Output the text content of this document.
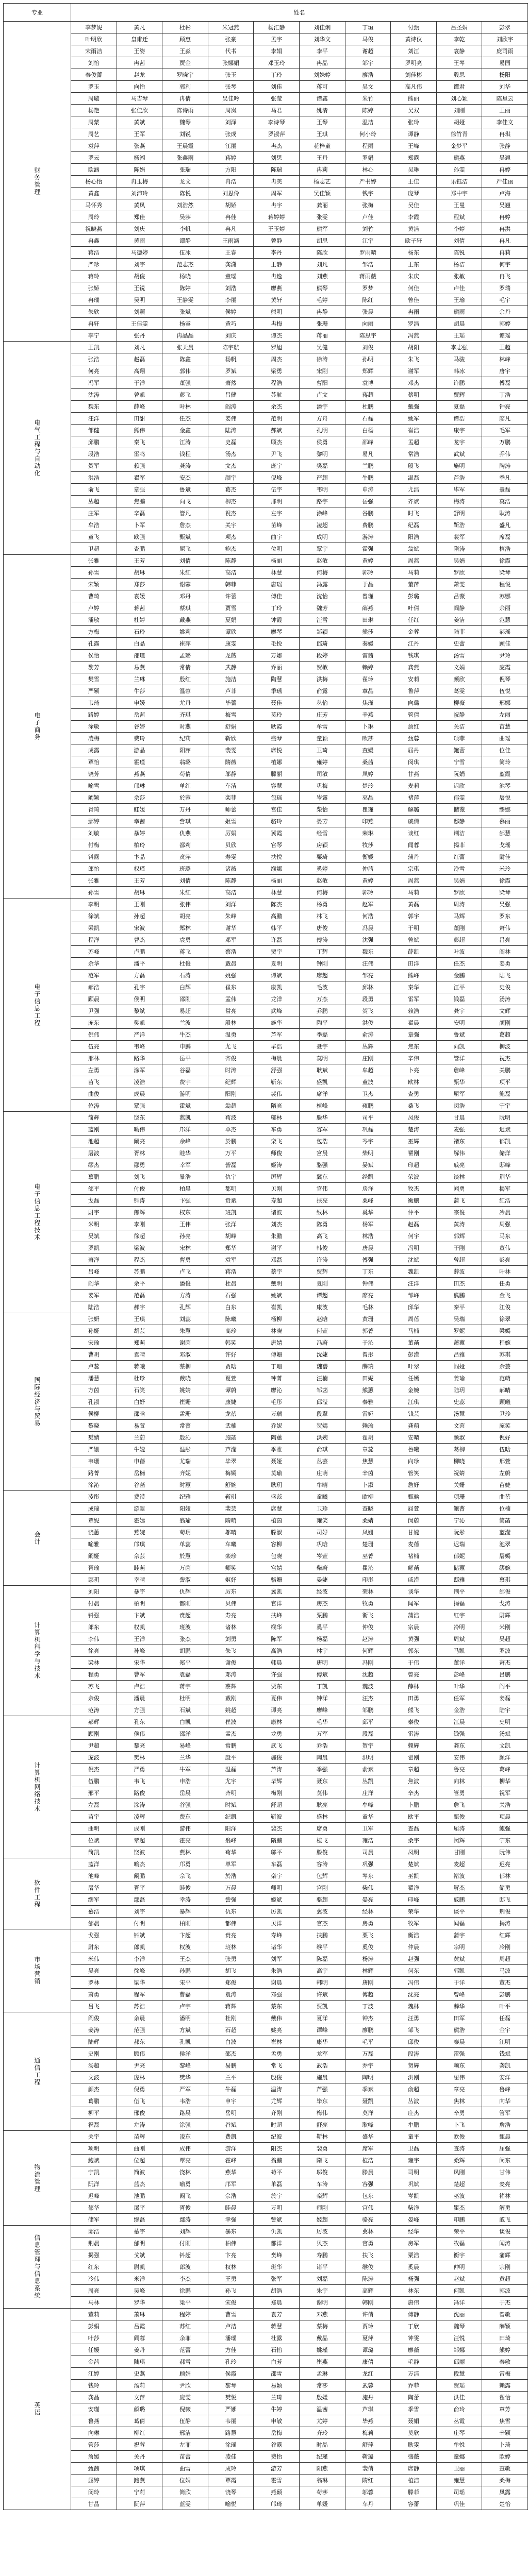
专业	姓名									
财务管理	李梦妮	黄凡	杜彬	朱冠燕	杨汇静	刘佳俐	丁垣	付甄	吕圣娟	彭翠
	叶明欣	皇甫迁	顾惠	张豪	孟宇	刘华文	马俊	黄诗仪	李乾	刘欣宇
	宋雨洁	王姿	王淼	代书	李娟	李平	谢超	刘江	袁静	庞司雨
	刘怡	冉茜	贾金	张娜娟	邓玉玲	冉晶	邹宇	罗明亮	王岑	易园
	秦俊蕾	赵龙	罗晓宇	张玉	丁玲	刘姝婷	廖浩	刘佳彬	殷思	杨阳
	罗玉	向怡	郭利	张琴	刘佳	蒋可	吴文	高凡伟	谭君	刘华
	周璇	马吉琴	冉倩	吴佳吟	张莹	谭鑫	朱竹	熊丽	刘心颖	陈星云
	杨艳	张佳欣	陈诗雨	周岚	马君	姚清	陈婷	吴双	刘刚	王丽
	周蒙	黄斌	魏琴	刘泽	李诗琴	王琴	温洁	张玲	胡娅	李佳文
	周艺	王军	刘锐	张成	罗淑萍	王琪	何小玲	谭静	徐竹青	冉琪
	袁萍	张燕	王晨霞	江丽	冉杰	花梓童	程丽	王峰	金梦平	张静
	罗云	杨湘	张鑫雨	蒋婷	刘思	王丹	罗娟	郑露	熊燕	吴翘
	欧涵	陈娟	张瑞	方阳	陈瑞	冉莉	林心	吴琳	孙雯	冉婷
	杨心怡	冉玉梅	龙文	冉浩	冉美	杨志艺	严书婷	王佳	乐钰洁	严佳丽
	黄鑫	刘沛玲	陈悦	刘思伶	周军	吴佳颖	钱宇	庞琴	郑中宇	卢海
	马怀秀	黄凤	刘浩然	胡娇	冉宇	龚丽	张梅	吴佳	王曼	吴翘
	周玲	郑佳	吴莎	冉佳	蒋婷婷	张雯	卢佳	李霞	程斌	冉婷
	祝晓燕	刘庆	李帆	冉凡	王玉婷	熊军	刘竹	黄洁	李婷	冉洪
	冉鑫	黄雨	谭静	王雨涵	曾静	胡思	江宇	欧子轩	刘倩	冉凡
	蒋浩	马德婷	伍冰	王睿	李丹	陈欣	罗雨晴	杨东	陈锐	冉莉
	严珍	刘宇	范志杰	龚潇	王静	刘凡	邹浩	王东	杨洁	何宇
	蒋玲	胡俊	杨晓	童瑶	冉逸	刘燕	蒋雨薇	朱庆	张敏	冉飞
	张娇	王锐	陈婷	刘浩	廖燕	熊琴	罗梦	何佳	卢佳	罗瑞
	冉瑞	吴明	王静雯	李丽	黄轩	毛婷	陈红	曾佳	王瑜	毛宇
	朱欣	刘颖	张斌	侯婷	熊明	冉静	张晨	冉雨	熊雨	余丹
	冉轩	王佳雯	杨睿	黄巧	冉梅	张珊	向丽	罗浩	胡晨	郭婷
	李宁	张丹	冉晶晶	刘庆	谭杰	蒋丽	陈思宇	冯燕	王瑶	谭瑶
电气工程与自动化	王凯	刘凡	张天晨	陈宇航	罗旭	吴健	刘俊	胡阳	李志强	王超
	张浩	赵磊	陈鑫	杨帆	周杰	徐涛	孙明	朱飞	马骏	林峰
	何亮	高翔	郭伟	罗斌	梁勇	宋刚	郑辉	谢军	韩冰	唐宇
	冯军	于洋	董强	萧然	程浩	曹阳	袁博	邓杰	许鹏	傅磊
	沈涛	曾凯	彭飞	吕健	苏航	卢文	蒋超	蔡明	贾辉	丁浩
	魏东	薛峰	叶林	阎涛	余杰	潘宇	杜鹏	戴强	夏磊	钟亮
	汪洋	田甜	任杰	姜伟	范明	方舟	石磊	姚军	谭浩	廖凡
	邹健	熊伟	金鑫	陆涛	郝斌	孔明	白杨	崔浩	康宇	毛军
	邱鹏	秦飞	江涛	史磊	顾杰	侯勇	邵峰	孟超	龙宇	万鹏
	段浩	雷鸣	钱程	汤杰	尹飞	黎明	易凡	常浩	武斌	乔伟
	贺军	赖强	龚涛	文杰	庞宇	樊磊	兰鹏	殷飞	施明	陶涛
	洪浩	翟军	安杰	颜宇	倪峰	严超	牛鹏	温磊	芦浩	季凡
	俞飞	章强	鲁斌	葛杰	伍宇	韦明	申涛	尤浩	毕军	聂磊
	丛超	焦鹏	向飞	柳杰	邢明	路宇	岳强	齐斌	梅涛	莫浩
	庄军	辛磊	管凡	祝杰	左宇	涂峰	谷鹏	时飞	舒明	耿涛
	牟浩	卜军	詹杰	关宇	苗峰	凌超	费鹏	纪磊	靳浩	盛凡
	童飞	欧强	甄斌	项杰	曲宇	成明	游涛	阳浩	裴军	席磊
	卫超	查鹏	屈飞	鲍杰	位明	覃宇	霍强	翁斌	隋涛	植浩
电子商务	张雅	王芳	刘倩	陈静	杨丽	赵敏	黄婷	周燕	吴娟	徐霞
	孙雪	胡琳	朱红	高洁	林慧	何梅	郭玲	马莉	罗欣	梁琴
	宋颖	郑莎	谢蓉	韩菲	唐瑶	冯露	于晶	董萍	萧雯	程悦
	曹琦	袁媛	邓丹	许蕾	傅佳	沈怡	曾瑾	彭璐	吕薇	苏娜
	卢婷	蒋茜	蔡琪	贾雪	丁玲	魏芳	薛燕	叶倩	阎静	余丽
	潘敏	杜婷	戴燕	夏娟	钟霞	汪雪	田琳	任红	姜洁	范慧
	方梅	石玲	姚莉	谭欣	廖琴	邹颖	熊莎	金蓉	陆菲	郝瑶
	孔露	白晶	崔萍	康雯	毛悦	邱琦	秦媛	江丹	史蕾	顾佳
	侯怡	邵瑾	孟璐	龙薇	万娜	段婷	雷茜	钱琪	汤雪	尹玲
	黎芳	易燕	常倩	武静	乔丽	贺敏	赖婷	龚燕	文娟	庞霞
	樊雪	兰琳	殷红	施洁	陶慧	洪梅	翟玲	安莉	颜欣	倪琴
	严颖	牛莎	温蓉	芦菲	季瑶	俞露	章晶	鲁萍	葛雯	伍悦
	韦琦	申媛	尤丹	毕蕾	聂佳	丛怡	焦瑾	向璐	柳薇	邢娜
	路婷	岳茜	齐琪	梅雪	莫玲	庄芳	辛燕	管倩	祝静	左丽
	涂敏	谷婷	时燕	舒娟	耿霞	牟雪	卜琳	詹红	关洁	苗慧
	凌梅	费玲	纪莉	靳欣	盛琴	童颖	欧莎	甄蓉	项菲	曲瑶
	成露	游晶	阳萍	裴雯	席悦	卫琦	查媛	屈丹	鲍蕾	位佳
	覃怡	霍瑾	翁璐	隋薇	植娜	雍婷	桑茜	闵琪	宁雪	简玲
	饶芳	燕燕	苟倩	邬静	滕丽	司敏	凤婷	甘燕	阮娟	蓝霞
	喻雪	邝琳	单红	车洁	容慧	巩梅	楚玲	麦莉	迟欣	池琴
	阚颖	佘莎	於蓉	栾菲	包瑶	岑露	巫晶	褚萍	郁雯	屠悦
	胥琦	眭媛	万丹	师蕾	宫佳	柴怡	瞿瑾	解璐	储薇	缪娜
	鄢婷	幸茜	訾琪	姬雪	骆玲	晏芳	印燕	戚倩	邸静	慕丽
	刘敏	暴婷	仇燕	厉娟	冀霞	经雪	荣琳	谈红	荆洁	邰慧
	付梅	柏玲	都莉	贝欣	官琴	房颖	牧莎	闻蓉	揭菲	戈瑶
	钭露	卞晶	贲萍	寿雯	扶悦	粟琦	衡媛	蒲丹	红蕾	尉佳
	郎怡	权瑾	班璐	诸薇	缑娜	奚婷	仲茜	宗琪	冷雪	米玲
	张雅	王芳	刘倩	陈静	杨丽	赵敏	黄婷	周燕	吴娟	徐霞
	孙雪	胡琳	朱红	高洁	林慧	何梅	郭玲	马莉	罗欣	梁琴
电子信息工程	李明	王刚	张伟	刘洋	陈杰	杨勇	赵军	黄磊	周涛	吴强
	徐斌	孙超	胡亮	朱峰	高鹏	林飞	何浩	郭宇	马辉	罗东
	梁凯	宋波	郑林	谢华	韩平	唐俊	冯晨	于明	董刚	萧伟
	程洋	曹杰	袁勇	邓军	许磊	傅涛	沈强	曾斌	彭超	吕亮
	苏峰	卢鹏	蒋飞	蔡浩	贾宇	丁辉	魏东	薛凯	叶波	阎林
	余华	潘平	杜俊	戴晨	夏明	钟刚	汪伟	田洋	任杰	姜勇
	范军	方磊	石涛	姚强	谭斌	廖超	邹亮	熊峰	金鹏	陆飞
	郝浩	孔宇	白辉	崔东	康凯	毛波	邱林	秦华	江平	史俊
	顾晨	侯明	邵刚	孟伟	龙洋	万杰	段勇	雷军	钱磊	汤涛
	尹强	黎斌	易超	常亮	武峰	乔鹏	贺飞	赖浩	龚宇	文辉
	庞东	樊凯	兰波	殷林	施华	陶平	洪俊	翟晨	安明	颜刚
	倪伟	严洋	牛杰	温勇	芦军	季磊	俞涛	章强	鲁斌	葛超
	伍亮	韦峰	申鹏	尤飞	毕浩	聂宇	丛辉	焦东	向凯	柳波
	邢林	路华	岳平	齐俊	梅晨	莫明	庄刚	辛伟	管洋	祝杰
	左勇	涂军	谷磊	时涛	舒强	耿斌	牟超	卜亮	詹峰	关鹏
	苗飞	凌浩	费宇	纪辉	靳东	盛凯	童波	欧林	甄华	项平
	曲俊	成晨	游明	阳刚	裴伟	席洋	卫杰	查勇	屈军	鲍磊
	位涛	覃强	霍斌	翁超	隋亮	植峰	雍鹏	桑飞	闵浩	宁宇
电子信息工程技术	简辉	饶东	燕凯	苟波	邬林	滕华	司平	凤俊	甘晨	阮明
	蓝刚	喻伟	邝洋	单杰	车勇	容军	巩磊	楚涛	麦强	迟斌
	池超	阚亮	佘峰	於鹏	栾飞	包浩	岑宇	巫辉	褚东	郁凯
	屠波	胥林	眭华	万平	师俊	宫晨	柴明	瞿刚	解伟	储洋
	缪杰	鄢勇	幸军	訾磊	姬涛	骆强	晏斌	印超	戚亮	邸峰
	慕鹏	刘飞	暴浩	仇宇	厉辉	冀东	经凯	荣波	谈林	荆华
	邰平	付俊	柏晨	都明	贝刚	官伟	房洋	牧杰	闻勇	揭军
	戈磊	钭涛	卞强	贲斌	寿超	扶亮	粟峰	衡鹏	蒲飞	红浩
	尉宇	郎辉	权东	班凯	诸波	缑林	奚华	仲平	宗俊	冷晨
	米明	李刚	王伟	张洋	刘杰	陈勇	杨军	赵磊	黄涛	周强
	吴斌	徐超	孙亮	胡峰	朱鹏	高飞	林浩	何宇	郭辉	马东
	罗凯	梁波	宋林	郑华	谢平	韩俊	唐晨	冯明	于刚	董伟
	萧洋	程杰	曹勇	袁军	邓磊	许涛	傅强	沈斌	曾超	彭亮
	吕峰	苏鹏	卢飞	蒋浩	蔡宇	贾辉	丁东	魏凯	薛波	叶林
	阎华	余平	潘俊	杜晨	戴明	夏刚	钟伟	汪洋	田杰	任勇
	姜军	范磊	方涛	石强	姚斌	谭超	廖亮	邹峰	熊鹏	金飞
	陆浩	郝宇	孔辉	白东	崔凯	康波	毛林	邱华	秦平	江俊
国际经济与贸易	张妍	王琪	刘蕊	陈曦	杨柳	赵晗	黄珊	周蓓	吴瑞	徐翠
	孙娅	胡芸	朱慧	高珍	林晓	何萱	郭菁	马楠	罗妮	梁嫣
	宋瑜	郑萌	谢茵	韩笑	唐婧	冯蔚	于沁	董菡	萧蕙	程婉
	曹玥	袁晴	邓淑	许妤	傅姗	沈婕	曾彤	彭滢	吕雅	苏琪
	卢蕊	蒋曦	蔡柳	贾晗	丁珊	魏蓓	薛瑞	叶翠	阎娅	余芸
	潘慧	杜珍	戴晓	夏萱	钟菁	汪楠	田妮	任嫣	姜瑜	范萌
	方茵	石笑	姚婧	谭蔚	廖沁	邹菡	熊蕙	金婉	陆玥	郝晴
	孔淑	白妤	崔姗	康婕	毛彤	邱滢	秦雅	江琪	史蕊	顾曦
	侯柳	邵晗	孟珊	龙蓓	万瑞	段翠	雷娅	钱芸	汤慧	尹珍
	黎晓	易萱	常菁	武楠	乔妮	贺嫣	赖瑜	龚萌	文茵	庞笑
	樊婧	兰蔚	殷沁	施菡	陶蕙	洪婉	翟玥	安晴	颜淑	倪妤
	严姗	牛婕	温彤	芦滢	季雅	俞琪	章蕊	鲁曦	葛柳	伍晗
	韦珊	申蓓	尤瑞	毕翠	聂娅	丛芸	焦慧	向珍	柳晓	邢萱
	路菁	岳楠	齐妮	梅嫣	莫瑜	庄萌	辛茵	管笑	祝婧	左蔚
	涂沁	谷菡	时蕙	舒婉	耿玥	牟晴	卜淑	詹妤	关姗	苗婕
会计	凌彤	费滢	纪雅	靳琪	盛蕊	童曦	欧柳	甄晗	项珊	曲蓓
	成瑞	游翠	阳娅	裴芸	席慧	卫珍	查晓	屈萱	鲍菁	位楠
	覃妮	霍嫣	翁瑜	隋萌	植茵	雍笑	桑婧	闵蔚	宁沁	简菡
	饶蕙	燕婉	苟玥	邬晴	滕淑	司妤	凤姗	甘婕	阮彤	蓝滢
	喻雅	邝琪	单蕊	车曦	容柳	巩晗	楚珊	麦蓓	迟瑞	池翠
	阚娅	佘芸	於慧	栾珍	包晓	岑萱	巫菁	褚楠	郁妮	屠嫣
	胥瑜	眭萌	万茵	师笑	宫婧	柴蔚	瞿沁	解菡	储蕙	缪婉
	鄢玥	幸晴	訾淑	姬妤	骆姗	晏婕	印彤	戚滢	邸雅	慕琪
计算机科学与技术	刘阳	暴宇	仇辉	厉东	冀凯	经波	荣林	谈华	荆平	邰俊
	付晨	柏明	都刚	贝伟	官洋	房杰	牧勇	闻军	揭磊	戈涛
	钭强	卞斌	贲超	寿亮	扶峰	粟鹏	衡飞	蒲浩	红宇	尉辉
	郎东	权凯	班波	诸林	缑华	奚平	仲俊	宗晨	冷明	米刚
	李伟	王洋	张杰	刘勇	陈军	杨磊	赵涛	黄强	周斌	吴超
	徐亮	孙峰	胡鹏	朱飞	高浩	林宇	何辉	郭东	马凯	罗波
	梁林	宋华	郑平	谢俊	韩晨	唐明	冯刚	于伟	董洋	萧杰
	程勇	曹军	袁磊	邓涛	许强	傅斌	沈超	曾亮	彭峰	吕鹏
	苏飞	卢浩	蒋宇	蔡辉	贾东	丁凯	魏波	薛林	叶华	阎平
	余俊	潘晨	杜明	戴刚	夏伟	钟洋	汪杰	田勇	任军	姜磊
	范涛	方强	石斌	姚超	谭亮	廖峰	邹鹏	熊飞	金浩	陆宇
计算机网络技术	郝辉	孔东	白凯	崔波	康林	毛华	邱平	秦俊	江晨	史明
	顾刚	侯伟	邵洋	孟杰	龙勇	万军	段磊	雷涛	钱强	汤斌
	尹超	黎亮	易峰	常鹏	武飞	乔浩	贺宇	赖辉	龚东	文凯
	庞波	樊林	兰华	殷平	施俊	陶晨	洪明	翟刚	安伟	颜洋
	倪杰	严勇	牛军	温磊	芦涛	季强	俞斌	章超	鲁亮	葛峰
	伍鹏	韦飞	申浩	尤宇	毕辉	聂东	丛凯	焦波	向林	柳华
	邢平	路俊	岳晨	齐明	梅刚	莫伟	庄洋	辛杰	管勇	祝军
	左磊	涂涛	谷强	时斌	舒超	耿亮	牟峰	卜鹏	詹飞	关浩
	苗宇	凌辉	费东	纪凯	靳波	盛林	童华	欧平	甄俊	项晨
	曲明	成刚	游伟	阳洋	裴杰	席勇	卫军	查磊	屈涛	鲍强
	位斌	覃超	霍亮	翁峰	隋鹏	植飞	雍浩	桑宇	闵辉	宁东
	简凯	饶波	燕林	苟华	邬平	滕俊	司晨	凤明	甘刚	阮伟
软件工程	蓝洋	喻杰	邝勇	单军	车磊	容涛	巩强	楚斌	麦超	迟亮
	池峰	阚鹏	佘飞	於浩	栾宇	包辉	岑东	巫凯	褚波	郁林
	屠华	胥平	眭俊	万晨	师明	宫刚	柴伟	瞿洋	解杰	储勇
	缪军	鄢磊	幸涛	訾强	姬斌	骆超	晏亮	印峰	戚鹏	邸飞
	慕浩	刘宇	暴辉	仇东	厉凯	冀波	经林	荣华	谈平	荆俊
	邰晨	付明	柏刚	都伟	贝洋	官杰	房勇	牧军	闻磊	揭涛
市场营销	戈强	钭斌	卞超	贲亮	寿峰	扶鹏	粟飞	衡浩	蒲宇	红辉
	尉东	郎凯	权波	班林	诸华	缑平	奚俊	仲晨	宗明	冷刚
	米伟	李洋	王杰	张勇	刘军	陈磊	杨涛	赵强	黄斌	周超
	吴亮	徐峰	孙鹏	胡飞	朱浩	高宇	林辉	何东	郭凯	马波
	罗林	梁华	宋平	郑俊	谢晨	韩明	唐刚	冯伟	于洋	董杰
	萧勇	程军	曹磊	袁涛	邓强	许斌	傅超	沈亮	曾峰	彭鹏
	吕飞	苏浩	卢宇	蒋辉	蔡东	贾凯	丁波	魏林	薛华	叶平
通信工程	阎俊	余晨	潘明	杜刚	戴伟	夏洋	钟杰	汪勇	田军	任磊
	姜涛	范强	方斌	石超	姚亮	谭峰	廖鹏	邹飞	熊浩	金宇
	陆辉	郝东	孔凯	白波	崔林	康华	毛平	邱俊	秦晨	江明
	史刚	顾伟	侯洋	邵杰	孟勇	龙军	万磊	段涛	雷强	钱斌
	汤超	尹亮	黎峰	易鹏	常飞	武浩	乔宇	贺辉	赖东	龚凯
	文波	庞林	樊华	兰平	殷俊	施晨	陶明	洪刚	翟伟	安洋
	颜杰	倪勇	严军	牛磊	温涛	芦强	季斌	俞超	章亮	鲁峰
	葛鹏	伍飞	韦浩	申宇	尤辉	毕东	聂凯	丛波	焦林	向华
	柳平	邢俊	路晨	岳明	齐刚	梅伟	莫洋	庄杰	辛勇	管军
	祝磊	左涛	涂强	谷斌	时超	舒亮	耿峰	牟鹏	卜飞	詹浩
物流管理	关宇	苗辉	凌东	费凯	纪波	靳林	盛华	童平	欧俊	甄晨
	项明	曲刚	成伟	游洋	阳杰	裴勇	席军	卫磊	查涛	屈强
	鲍斌	位超	覃亮	霍峰	翁鹏	隋飞	植浩	雍宇	桑辉	闵东
	宁凯	简波	饶林	燕华	苟平	邬俊	滕晨	司明	凤刚	甘伟
	阮洋	蓝杰	喻勇	邝军	单磊	车涛	容强	巩斌	楚超	麦亮
	迟峰	池鹏	阚飞	佘浩	於宇	栾辉	包东	岑凯	巫波	褚林
	郁华	屠平	胥俊	眭晨	万明	师刚	宫伟	柴洋	瞿杰	解勇
	储军	缪磊	鄢涛	幸强	訾斌	姬超	骆亮	晏峰	印鹏	戚飞
信息管理与信息系统	邸浩	慕宇	刘辉	暴东	仇凯	厉波	冀林	经华	荣平	谈俊
	荆晨	邰明	付刚	柏伟	都洋	贝杰	官勇	房军	牧磊	闻涛
	揭强	戈斌	钭超	卞亮	贲峰	寿鹏	扶飞	粟浩	衡宇	蒲辉
	红东	尉凯	郎波	权林	班华	诸平	缑俊	奚晨	仲明	宗刚
	冷伟	米洋	李杰	王勇	张军	刘磊	陈涛	杨强	赵斌	黄超
	周亮	吴峰	徐鹏	孙飞	胡浩	朱宇	高辉	林东	何凯	郭波
	马林	罗华	梁平	宋俊	郑晨	谢明	韩刚	唐伟	冯洋	于杰
英语	董莉	萧琳	程婷	曹雪	袁芳	邓燕	许倩	傅静	沈丽	曾敏
	彭娟	吕霞	苏红	卢洁	蒋慧	蔡梅	贾玲	丁欣	魏琴	薛颖
	叶莎	阎蓉	余菲	潘瑶	杜露	戴晶	夏萍	钟雯	汪悦	田琦
	任媛	姜丹	范蕾	方佳	石怡	姚瑾	谭璐	廖薇	邹娜	熊婷
	金茜	陆琪	郝雪	孔玲	白芳	崔燕	康倩	毛静	邱丽	秦敏
	江婷	史燕	顾娟	侯霞	邵雪	孟琳	龙红	万洁	段慧	雷梅
	钱玲	汤莉	尹欣	黎琴	易颖	常莎	武蓉	乔菲	贺瑶	赖露
	龚晶	文萍	庞雯	樊悦	兰琦	殷媛	施丹	陶蕾	洪佳	翟怡
	安瑾	颜璐	倪薇	严娜	牛婷	温茜	芦琪	季雪	俞玲	章芳
	鲁燕	葛倩	伍静	韦丽	申敏	尤婷	毕燕	聂娟	丛霞	焦雪
	向琳	柳红	邢洁	路慧	岳梅	齐玲	梅莉	莫欣	庄琴	辛颖
	管莎	祝蓉	左菲	涂瑶	谷露	时晶	舒萍	耿雯	牟悦	卜琦
	詹媛	关丹	苗蕾	凌佳	费怡	纪瑾	靳璐	盛薇	童娜	欧婷
	甄茜	项琪	曲雪	成玲	游芳	阳燕	裴倩	席静	卫丽	查敏
	屈婷	鲍燕	位娟	覃霞	霍雪	翁琳	隋红	植洁	雍慧	桑梅
	闵玲	宁莉	简欣	饶琴	燕颖	苟莎	邬蓉	滕菲	司瑶	凤露
	甘晶	阮萍	蓝雯	喻悦	邝琦	单媛	车丹	容蕾	巩佳	楚怡
